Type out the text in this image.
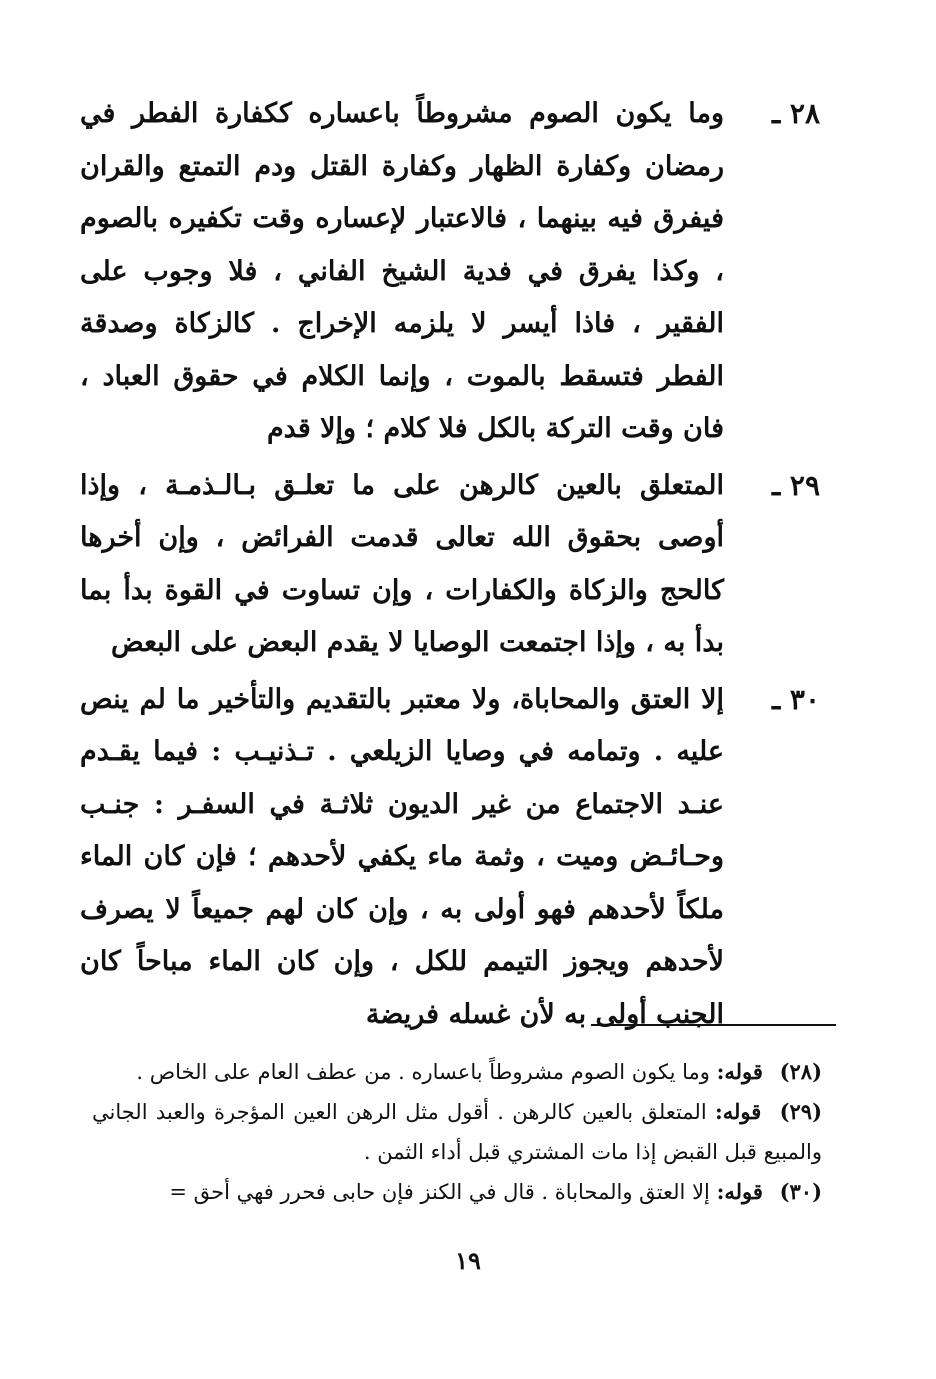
٢٨ ـ
وما يكون الصوم مشروطاً باعساره ككفارة الفطر في رمضان وكفارة الظهار وكفارة القتل ودم التمتع والقران فيفرق فيه بينهما ، فالاعتبار لإعساره وقت تكفيره بالصوم ، وكذا يفرق في فدية الشيخ الفاني ، فلا وجوب على الفقير ، فاذا أيسر لا يلزمه الإخراج . كالزكاة وصدقة الفطر فتسقط بالموت ، وإنما الكلام في حقوق العباد ، فان وقت التركة بالكل فلا كلام ؛ وإلا قدم
٢٩ ـ
المتعلق بالعين كالرهن على ما تعلـق بـالـذمـة ، وإذا أوصى بحقوق الله تعالى قدمت الفرائض ، وإن أخرها كالحج والزكاة والكفارات ، وإن تساوت في القوة بدأ بما بدأ به ، وإذا اجتمعت الوصايا لا يقدم البعض على البعض
٣٠ ـ
إلا العتق والمحاباة، ولا معتبر بالتقديم والتأخير ما لم ينص عليه . وتمامه في وصايا الزيلعي . تـذنيـب : فيما يقـدم عنـد الاجتماع من غير الديون ثلاثـة في السفـر : جنـب وحـائـض وميت ، وثمة ماء يكفي لأحدهم ؛ فإن كان الماء ملكاً لأحدهم فهو أولى به ، وإن كان لهم جميعاً لا يصرف لأحدهم ويجوز التيمم للكل ، وإن كان الماء مباحاً كان الجنب أولى به لأن غسله فريضة

(٢٨) قوله: وما يكون الصوم مشروطاً باعساره . من عطف العام على الخاص .

(٢٩) قوله: المتعلق بالعين كالرهن . أقول مثل الرهن العين المؤجرة والعبد الجاني والمبيع قبل القبض إذا مات المشتري قبل أداء الثمن .

(٣٠) قوله: إلا العتق والمحاباة . قال في الكنز فإن حابى فحرر فهي أحق =

١٩
